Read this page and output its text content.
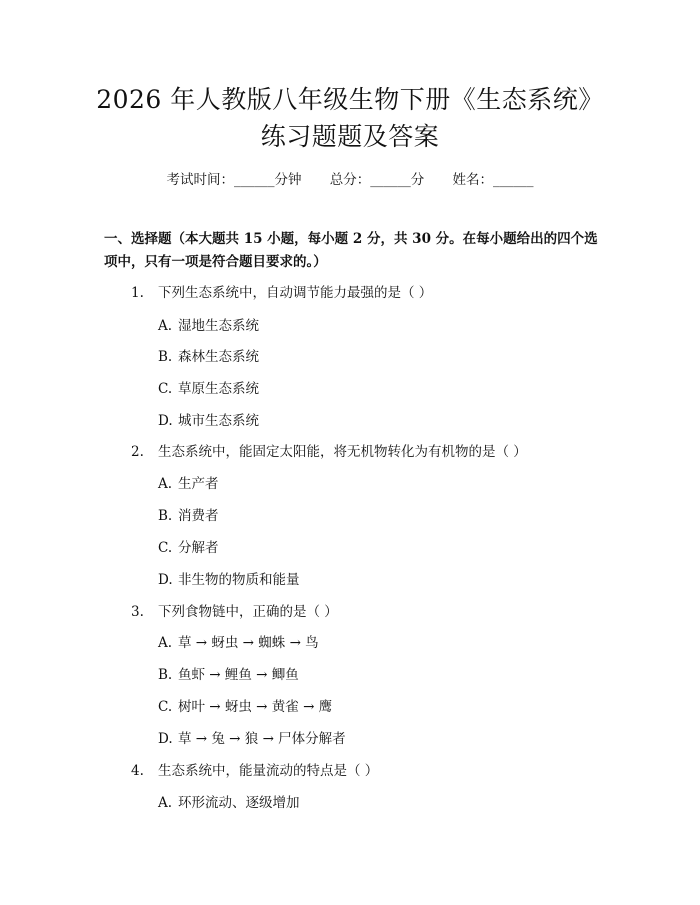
2026 年人教版八年级生物下册《生态系统》
练习题题及答案
考试时间：______分钟 总分：______分 姓名：______
一、选择题（本大题共 15 小题，每小题 2 分，共 30 分。在每小题给出的四个选项中，只有一项是符合题目要求的。）
1. 下列生态系统中，自动调节能力最强的是（ ）
A. 湿地生态系统
B. 森林生态系统
C. 草原生态系统
D. 城市生态系统
2. 生态系统中，能固定太阳能，将无机物转化为有机物的是（ ）
A. 生产者
B. 消费者
C. 分解者
D. 非生物的物质和能量
3. 下列食物链中，正确的是（ ）
A. 草 → 蚜虫 → 蜘蛛 → 鸟
B. 鱼虾 → 鲤鱼 → 鲫鱼
C. 树叶 → 蚜虫 → 黄雀 → 鹰
D. 草 → 兔 → 狼 → 尸体分解者
4. 生态系统中，能量流动的特点是（ ）
A. 环形流动、逐级增加
